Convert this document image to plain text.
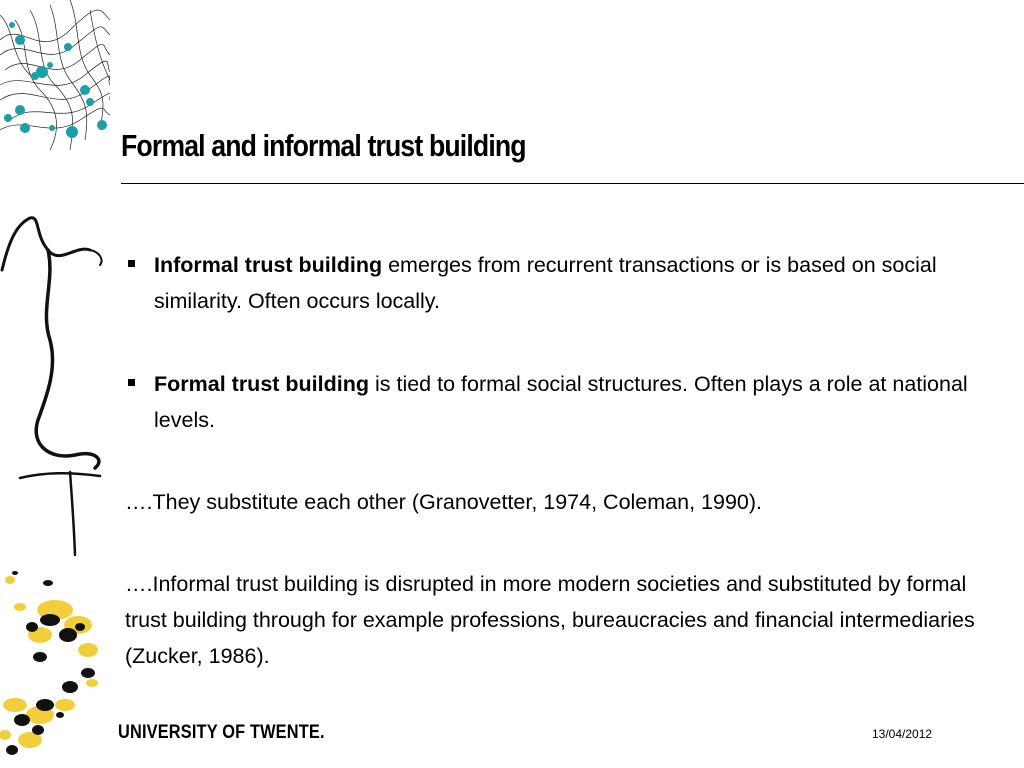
Formal and informal trust building

Informal trust building emerges from recurrent transactions or is based on social similarity. Often occurs locally.

Formal trust building is tied to formal social structures. Often plays a role at national levels.

….They substitute each other (Granovetter, 1974, Coleman, 1990).

….Informal trust building is disrupted in more modern societies and substituted by formal trust building through for example professions, bureaucracies and financial intermediaries (Zucker, 1986).

UNIVERSITY OF TWENTE.	13/04/2012
